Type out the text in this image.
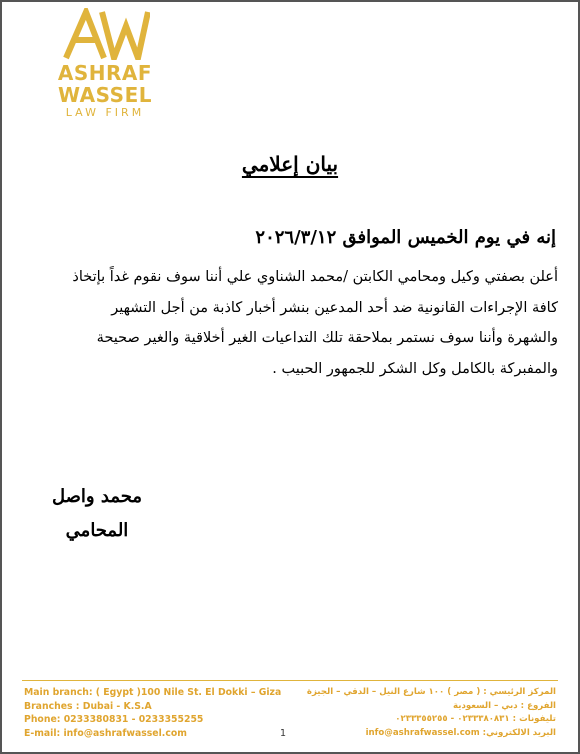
ASHRAF WASSEL
LAW FIRM
بيان إعلامي
إنه في يوم الخميس الموافق ٢٠٢٦/٣/١٢

أعلن بصفتي وكيل ومحامي الكابتن /محمد الشناوي علي أننا سوف نقوم غداً بإتخاذ

كافة الإجراءات القانونية ضد أحد المدعين بنشر أخبار كاذبة من أجل التشهير

والشهرة وأننا سوف نستمر بملاحقة تلك التداعيات الغير أخلاقية والغير صحيحة

والمفبركة بالكامل وكل الشكر للجمهور الحبيب .

محمد واصل
المحامي
Main branch: ( Egypt )100 Nile St. El Dokki – Giza
Branches : Dubai - K.S.A
Phone: 0233380831 - 0233355255
E-mail: info@ashrafwassel.com
المركز الرئيسي : ( مصر ) ١٠٠ شارع النيل – الدقي – الجيزة
الفروع : دبي – السعودية
تليفونات : ٠٢٣٣٣٨٠٨٣١ - ٠٢٣٣٣٥٥٢٥٥
البريد الالكتروني: info@ashrafwassel.com
1
